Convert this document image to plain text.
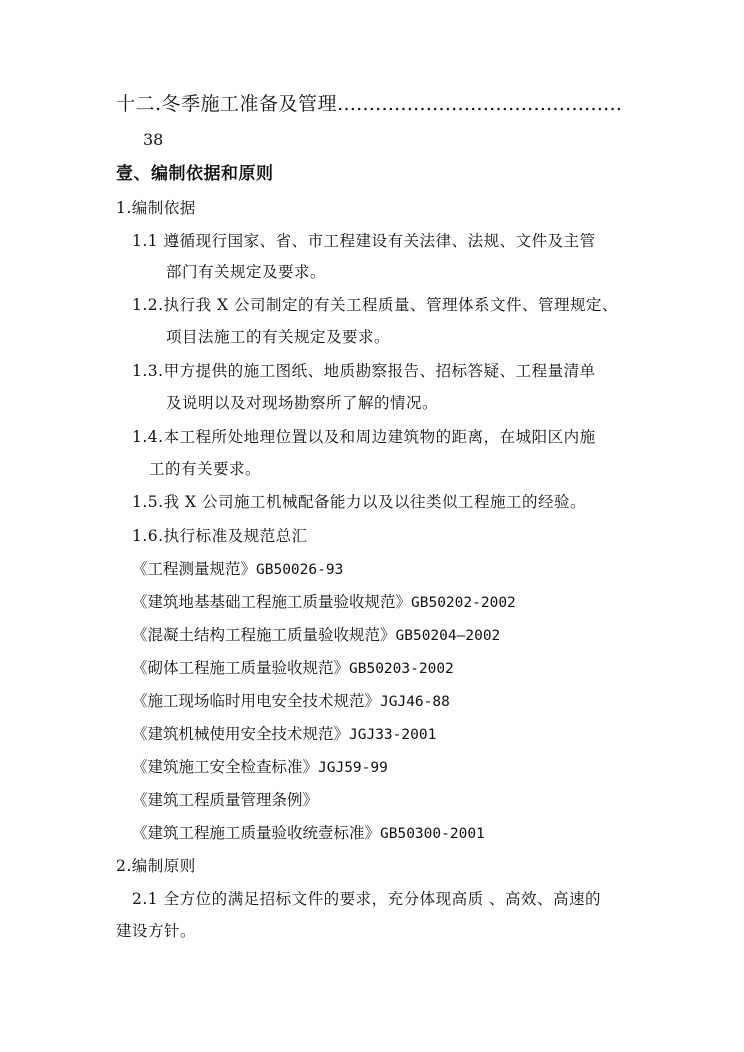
十二.冬季施工准备及管理………………………………………
38
壹、编制依据和原则
1.编制依据
1.1 遵循现行国家、省、市工程建设有关法律、法规、文件及主管
部门有关规定及要求。
1.2.执行我 X 公司制定的有关工程质量、管理体系文件、管理规定、
项目法施工的有关规定及要求。
1.3.甲方提供的施工图纸、地质勘察报告、招标答疑、工程量清单
及说明以及对现场勘察所了解的情况。
1.4.本工程所处地理位置以及和周边建筑物的距离，在城阳区内施
工的有关要求。
1.5.我 X 公司施工机械配备能力以及以往类似工程施工的经验。
1.6.执行标准及规范总汇
《工程测量规范》GB50026-93
《建筑地基基础工程施工质量验收规范》GB50202-2002
《混凝土结构工程施工质量验收规范》GB50204—2002
《砌体工程施工质量验收规范》GB50203-2002
《施工现场临时用电安全技术规范》JGJ46-88
《建筑机械使用安全技术规范》JGJ33-2001
《建筑施工安全检查标准》JGJ59-99
《建筑工程质量管理条例》
《建筑工程施工质量验收统壹标准》GB50300-2001
2.编制原则
2.1 全方位的满足招标文件的要求，充分体现高质 、高效、高速的
建设方针。
